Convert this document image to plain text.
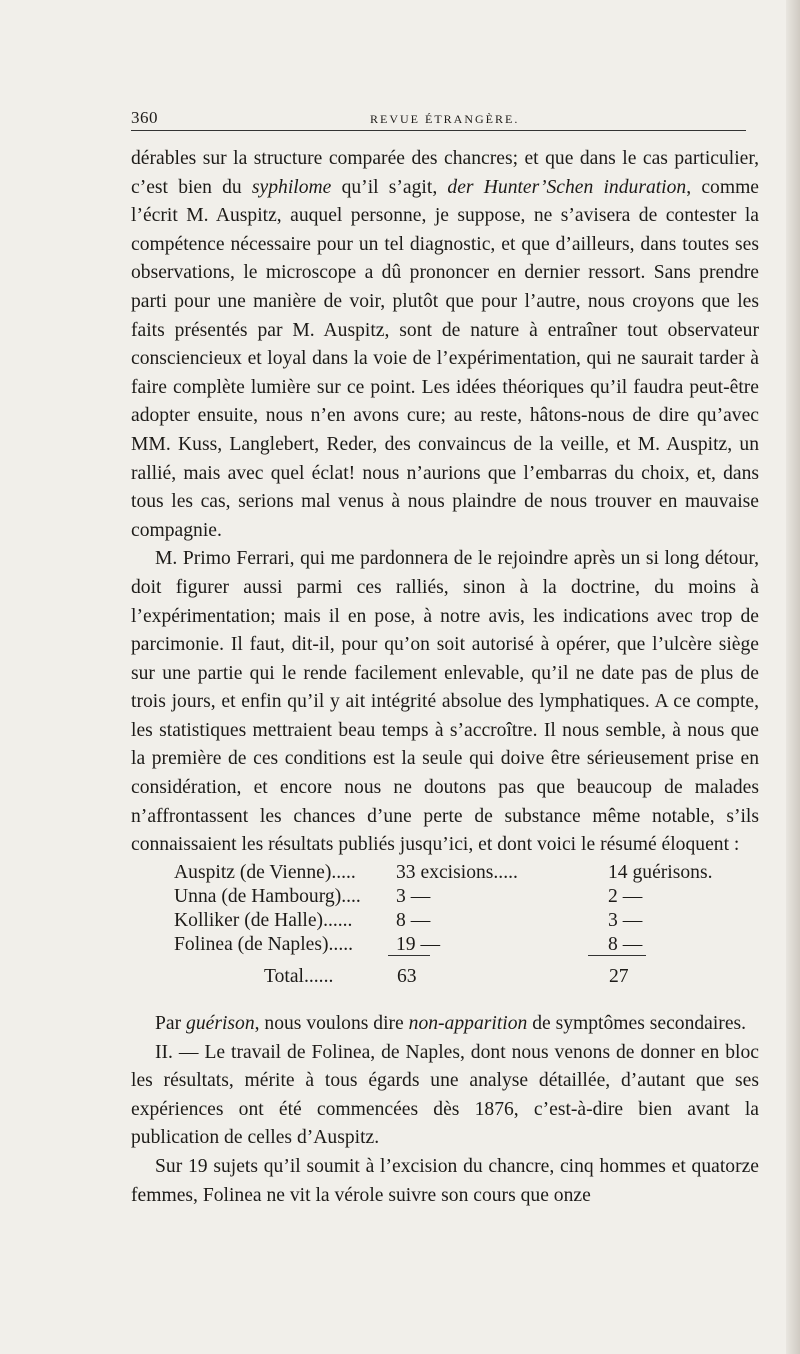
360	REVUE ÉTRANGÈRE.

dérables sur la structure comparée des chancres; et que dans le cas particulier, c’est bien du syphilome qu’il s’agit, der Hunter’Schen induration, comme l’écrit M. Auspitz, auquel personne, je suppose, ne s’avisera de contester la compétence nécessaire pour un tel diagnostic, et que d’ailleurs, dans toutes ses observations, le microscope a dû prononcer en dernier ressort. Sans prendre parti pour une manière de voir, plutôt que pour l’autre, nous croyons que les faits présentés par M. Auspitz, sont de nature à entraîner tout observateur consciencieux et loyal dans la voie de l’expérimentation, qui ne saurait tarder à faire complète lumière sur ce point. Les idées théoriques qu’il faudra peut-être adopter ensuite, nous n’en avons cure; au reste, hâtons-nous de dire qu’avec MM. Kuss, Langlebert, Reder, des convaincus de la veille, et M. Auspitz, un rallié, mais avec quel éclat! nous n’aurions que l’embarras du choix, et, dans tous les cas, serions mal venus à nous plaindre de nous trouver en mauvaise compagnie.

M. Primo Ferrari, qui me pardonnera de le rejoindre après un si long détour, doit figurer aussi parmi ces ralliés, sinon à la doctrine, du moins à l’expérimentation; mais il en pose, à notre avis, les indications avec trop de parcimonie. Il faut, dit-il, pour qu’on soit autorisé à opérer, que l’ulcère siège sur une partie qui le rende facilement enlevable, qu’il ne date pas de plus de trois jours, et enfin qu’il y ait intégrité absolue des lymphatiques. A ce compte, les statistiques mettraient beau temps à s’accroître. Il nous semble, à nous que la première de ces conditions est la seule qui doive être sérieusement prise en considération, et encore nous ne doutons pas que beaucoup de malades n’affrontassent les chances d’une perte de substance même notable, s’ils connaissaient les résultats publiés jusqu’ici, et dont voici le résumé éloquent :

Auspitz (de Vienne)..... 33 excisions.....	14 guérisons.
Unna (de Hambourg).... 3 —	2 —
Kolliker (de Halle)...... 8 —	3 —
Folinea (de Naples)..... 19 —	8 —
Total......	63	27

Par guérison, nous voulons dire non-apparition de symptômes secondaires.

II. — Le travail de Folinea, de Naples, dont nous venons de donner en bloc les résultats, mérite à tous égards une analyse détaillée, d’autant que ses expériences ont été commencées dès 1876, c’est-à-dire bien avant la publication de celles d’Auspitz.

Sur 19 sujets qu’il soumit à l’excision du chancre, cinq hommes et quatorze femmes, Folinea ne vit la vérole suivre son cours que onze
